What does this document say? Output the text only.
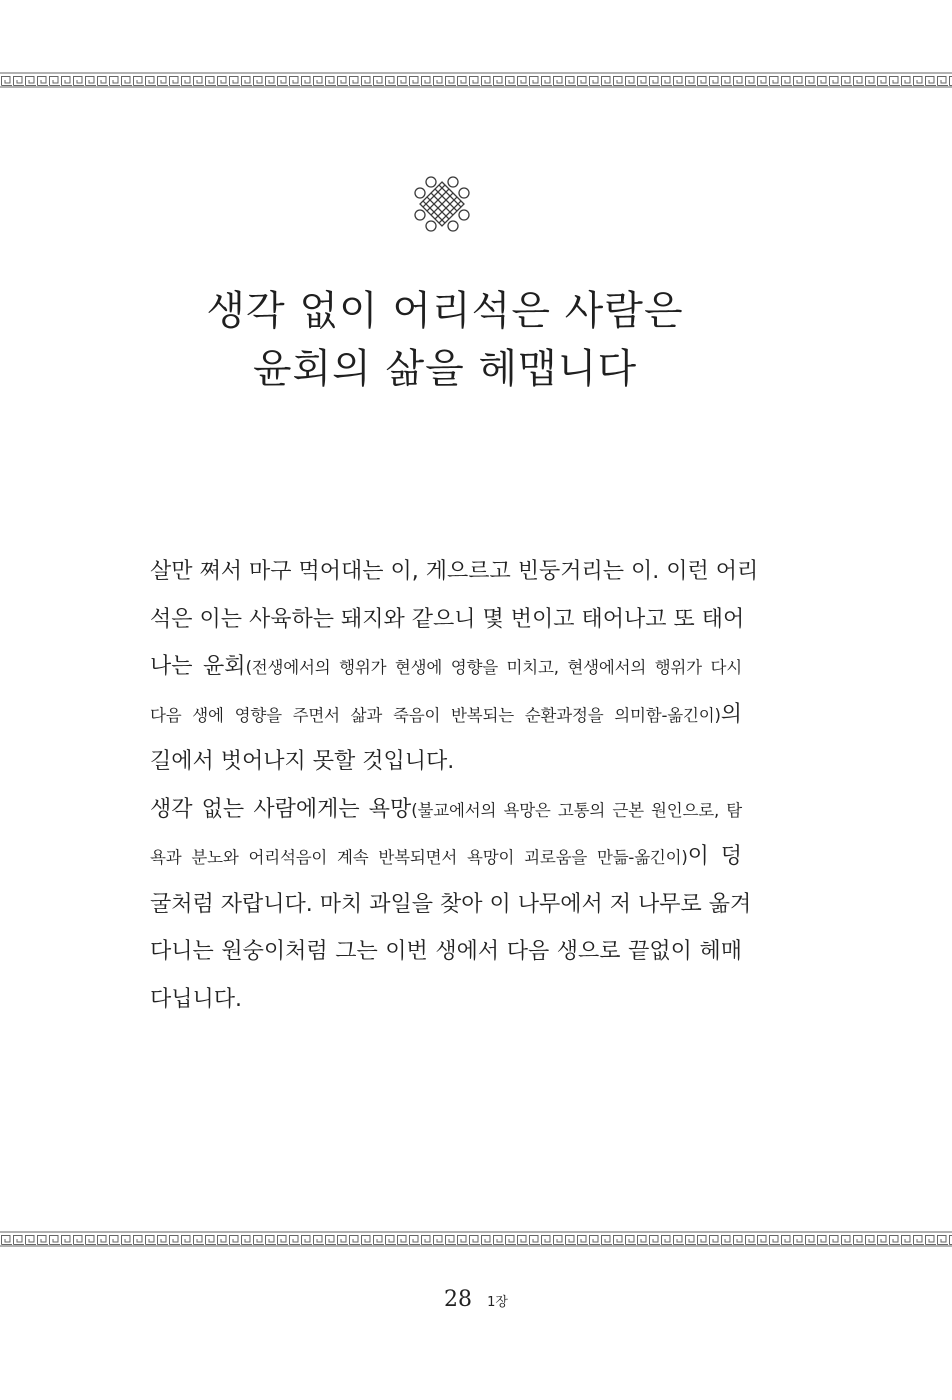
생각 없이 어리석은 사람은
윤회의 삶을 헤맵니다
살만 쪄서 마구 먹어대는 이, 게으르고 빈둥거리는 이. 이런 어리
석은 이는 사육하는 돼지와 같으니 몇 번이고 태어나고 또 태어
나는 윤회(전생에서의 행위가 현생에 영향을 미치고, 현생에서의 행위가 다시
다음 생에 영향을 주면서 삶과 죽음이 반복되는 순환과정을 의미함-옮긴이)의
길에서 벗어나지 못할 것입니다.
생각 없는 사람에게는 욕망(불교에서의 욕망은 고통의 근본 원인으로, 탐
욕과 분노와 어리석음이 계속 반복되면서 욕망이 괴로움을 만듦-옮긴이)이 덩
굴처럼 자랍니다. 마치 과일을 찾아 이 나무에서 저 나무로 옮겨
다니는 원숭이처럼 그는 이번 생에서 다음 생으로 끝없이 헤매
다닙니다.
28 1장
